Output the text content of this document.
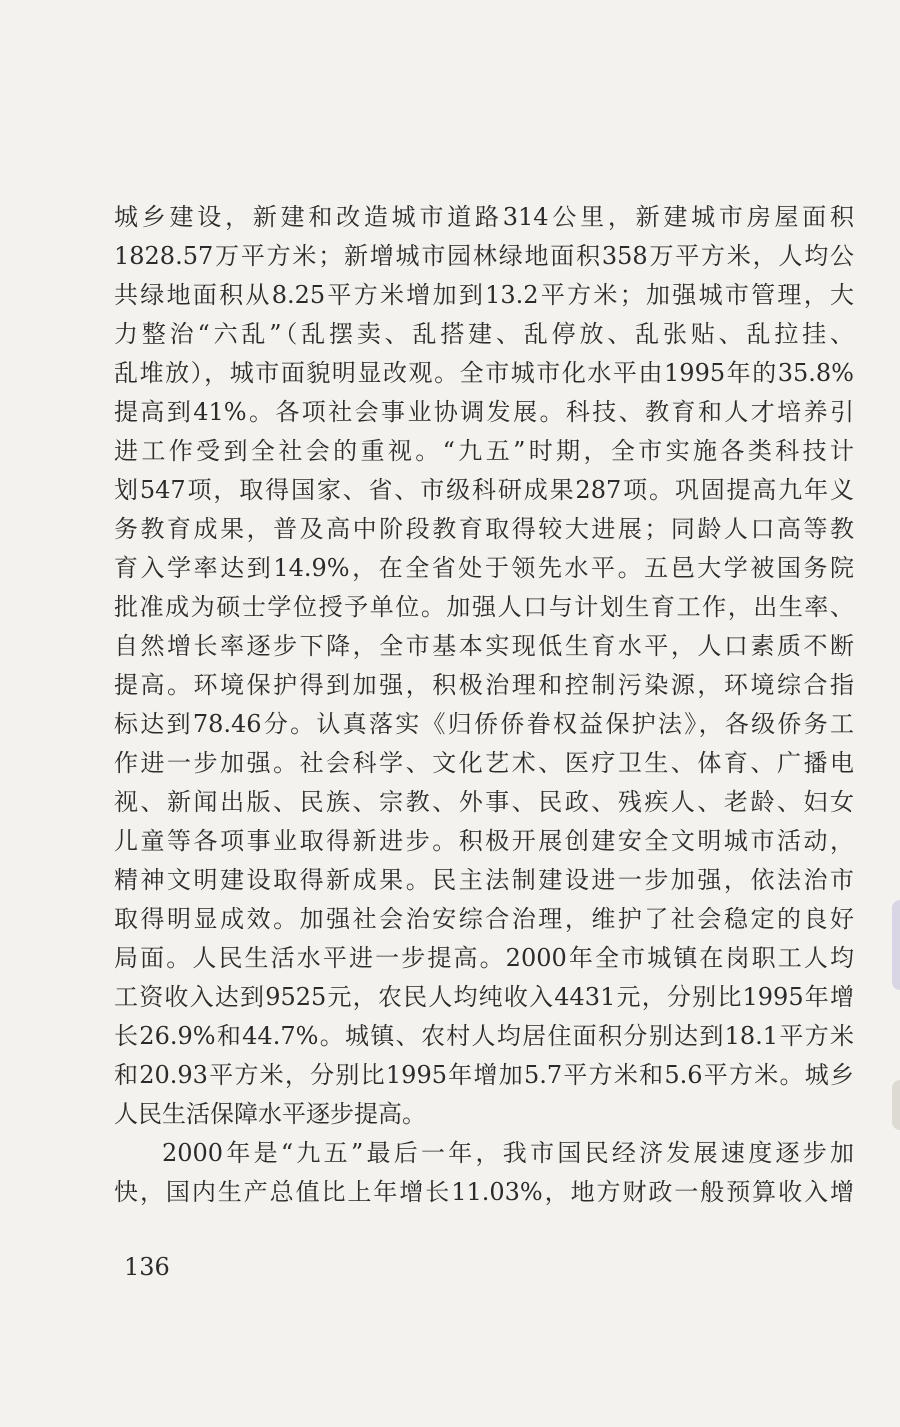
城乡建设，新建和改造城市道路314公里，新建城市房屋面积
1828.57万平方米；新增城市园林绿地面积358万平方米，人均公
共绿地面积从8.25平方米增加到13.2平方米；加强城市管理，大
力整治“六乱”（乱摆卖、乱搭建、乱停放、乱张贴、乱拉挂、
乱堆放），城市面貌明显改观。全市城市化水平由1995年的35.8%
提高到41%。各项社会事业协调发展。科技、教育和人才培养引
进工作受到全社会的重视。“九五”时期，全市实施各类科技计
划547项，取得国家、省、市级科研成果287项。巩固提高九年义
务教育成果，普及高中阶段教育取得较大进展；同龄人口高等教
育入学率达到14.9%，在全省处于领先水平。五邑大学被国务院
批准成为硕士学位授予单位。加强人口与计划生育工作，出生率、
自然增长率逐步下降，全市基本实现低生育水平，人口素质不断
提高。环境保护得到加强，积极治理和控制污染源，环境综合指
标达到78.46分。认真落实《归侨侨眷权益保护法》，各级侨务工
作进一步加强。社会科学、文化艺术、医疗卫生、体育、广播电
视、新闻出版、民族、宗教、外事、民政、残疾人、老龄、妇女
儿童等各项事业取得新进步。积极开展创建安全文明城市活动，
精神文明建设取得新成果。民主法制建设进一步加强，依法治市
取得明显成效。加强社会治安综合治理，维护了社会稳定的良好
局面。人民生活水平进一步提高。2000年全市城镇在岗职工人均
工资收入达到9525元，农民人均纯收入4431元，分别比1995年增
长26.9%和44.7%。城镇、农村人均居住面积分别达到18.1平方米
和20.93平方米，分别比1995年增加5.7平方米和5.6平方米。城乡
人民生活保障水平逐步提高。
2000年是“九五”最后一年，我市国民经济发展速度逐步加
快，国内生产总值比上年增长11.03%，地方财政一般预算收入增
136
